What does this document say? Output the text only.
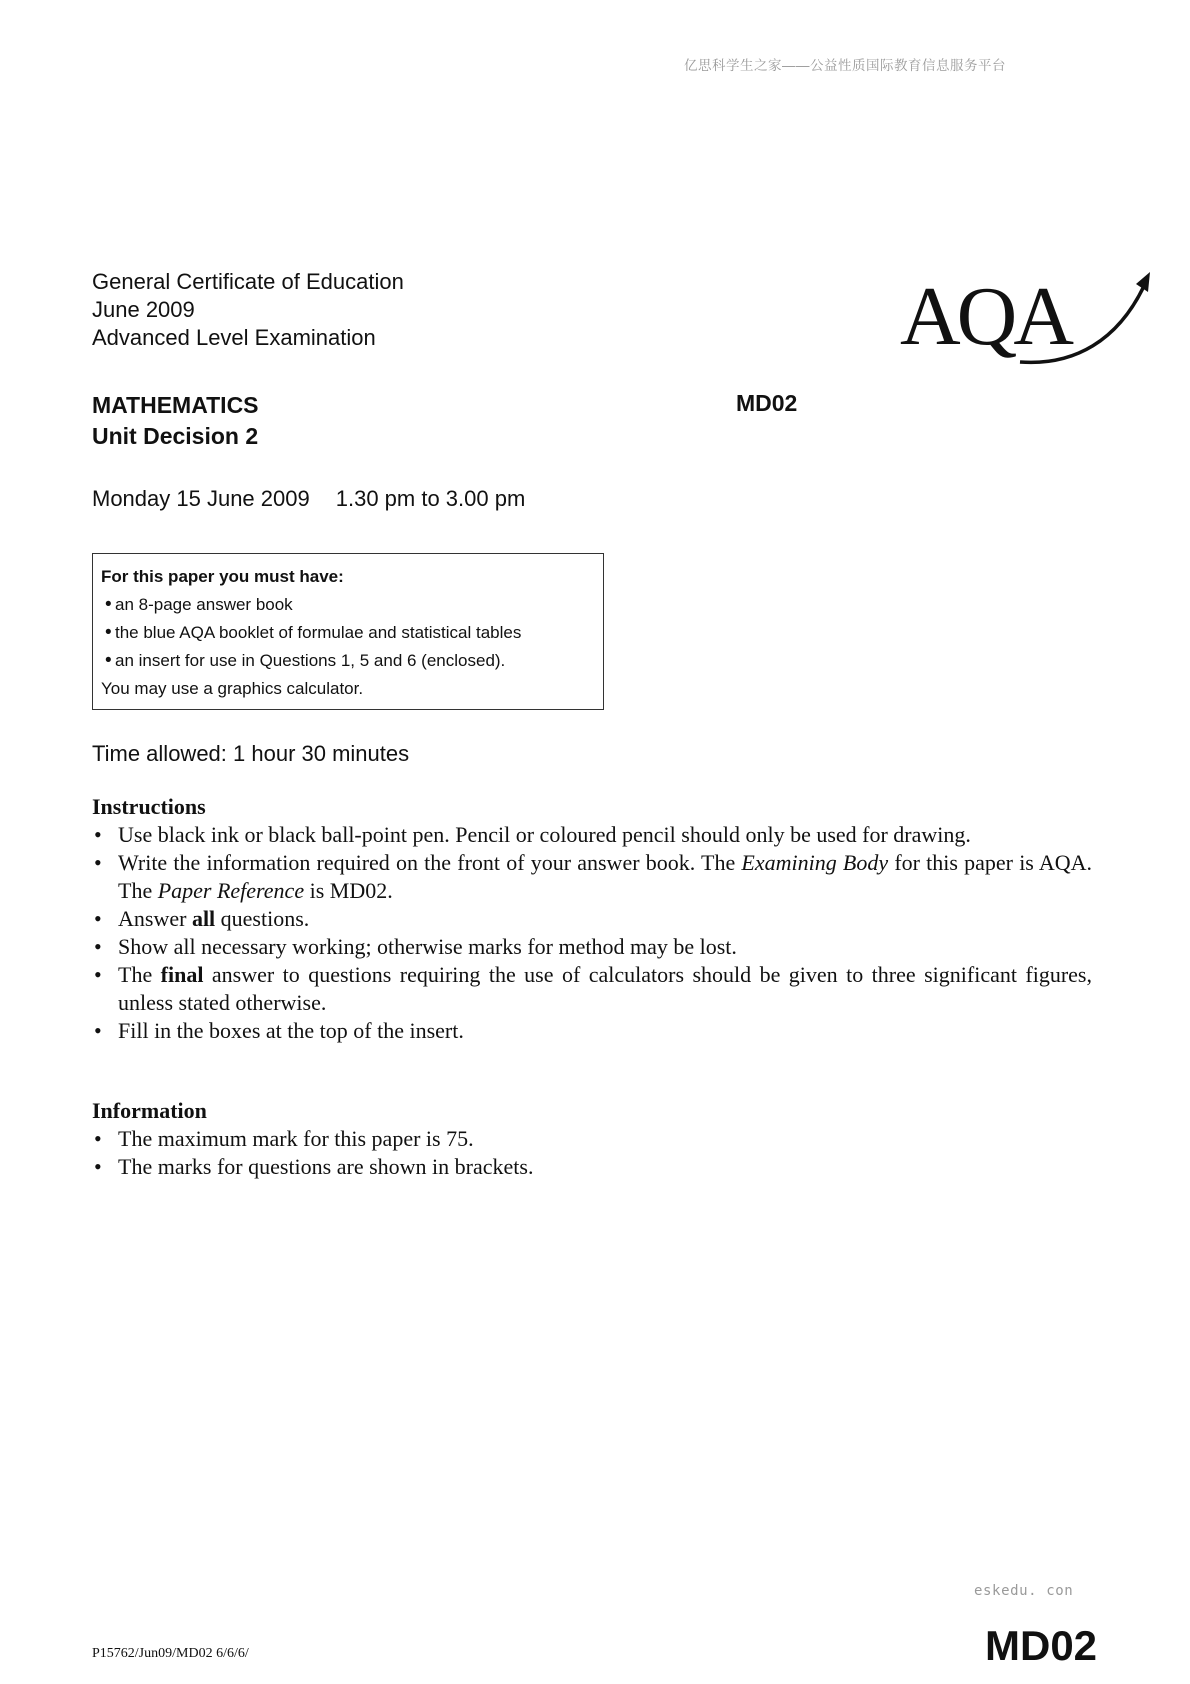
亿思科学生之家——公益性质国际教育信息服务平台
General Certificate of Education
June 2009
Advanced Level Examination	AQA
MATHEMATICS
Unit Decision 2
MD02
Monday 15 June 2009 1.30 pm to 3.00 pm
For this paper you must have:
• an 8-page answer book
• the blue AQA booklet of formulae and statistical tables
• an insert for use in Questions 1, 5 and 6 (enclosed).
You may use a graphics calculator.
Time allowed: 1 hour 30 minutes
Instructions
• Use black ink or black ball-point pen. Pencil or coloured pencil should only be used for drawing.
• Write the information required on the front of your answer book. The Examining Body for this paper is AQA. The Paper Reference is MD02.
• Answer all questions.
• Show all necessary working; otherwise marks for method may be lost.
• The final answer to questions requiring the use of calculators should be given to three significant figures, unless stated otherwise.
• Fill in the boxes at the top of the insert.
Information
• The maximum mark for this paper is 75.
• The marks for questions are shown in brackets.
eskedu. con
P15762/Jun09/MD02 6/6/6/	MD02
